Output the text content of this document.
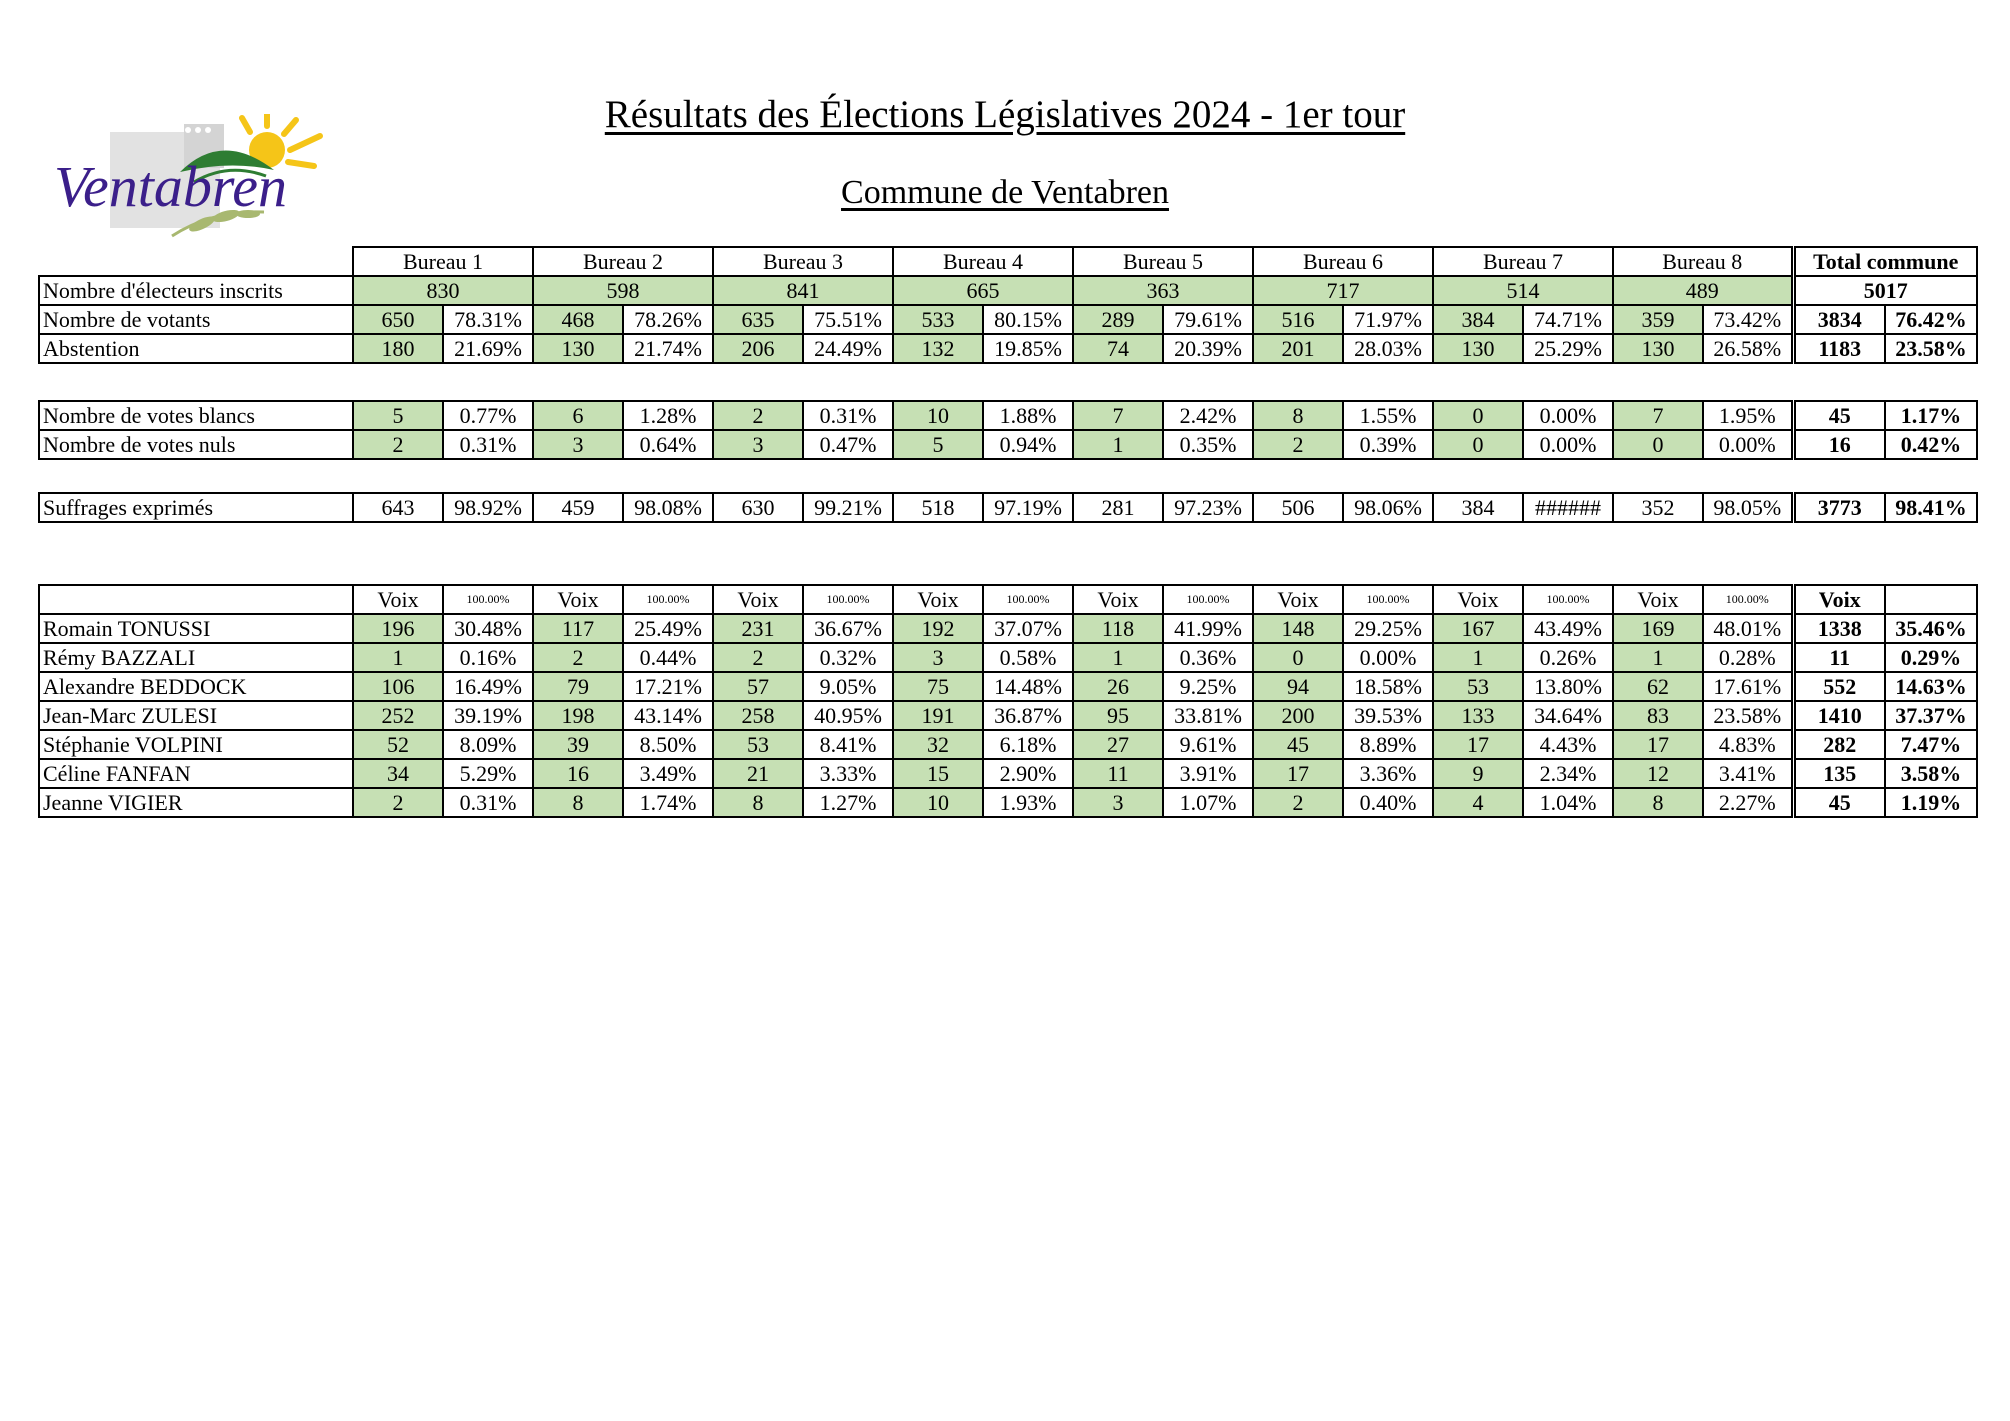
Résultats des Élections Législatives 2024 - 1er tour
Commune de Ventabren
Ventabren
	Bureau 1		Bureau 2		Bureau 3		Bureau 4		Bureau 5		Bureau 6		Bureau 7		Bureau 8		Total commune	
Nombre d'électeurs inscrits	830		598		841		665		363		717		514		489		5017	
Nombre de votants	650	78.31%	468	78.26%	635	75.51%	533	80.15%	289	79.61%	516	71.97%	384	74.71%	359	73.42%	3834	76.42%
Abstention	180	21.69%	130	21.74%	206	24.49%	132	19.85%	74	20.39%	201	28.03%	130	25.29%	130	26.58%	1183	23.58%
Nombre de votes blancs	5	0.77%	6	1.28%	2	0.31%	10	1.88%	7	2.42%	8	1.55%	0	0.00%	7	1.95%	45	1.17%
Nombre de votes nuls	2	0.31%	3	0.64%	3	0.47%	5	0.94%	1	0.35%	2	0.39%	0	0.00%	0	0.00%	16	0.42%
Suffrages exprimés	643	98.92%	459	98.08%	630	99.21%	518	97.19%	281	97.23%	506	98.06%	384	######	352	98.05%	3773	98.41%
	Voix	100.00%	Voix	100.00%	Voix	100.00%	Voix	100.00%	Voix	100.00%	Voix	100.00%	Voix	100.00%	Voix	100.00%	Voix	
Romain TONUSSI	196	30.48%	117	25.49%	231	36.67%	192	37.07%	118	41.99%	148	29.25%	167	43.49%	169	48.01%	1338	35.46%
Rémy BAZZALI	1	0.16%	2	0.44%	2	0.32%	3	0.58%	1	0.36%	0	0.00%	1	0.26%	1	0.28%	11	0.29%
Alexandre BEDDOCK	106	16.49%	79	17.21%	57	9.05%	75	14.48%	26	9.25%	94	18.58%	53	13.80%	62	17.61%	552	14.63%
Jean-Marc ZULESI	252	39.19%	198	43.14%	258	40.95%	191	36.87%	95	33.81%	200	39.53%	133	34.64%	83	23.58%	1410	37.37%
Stéphanie VOLPINI	52	8.09%	39	8.50%	53	8.41%	32	6.18%	27	9.61%	45	8.89%	17	4.43%	17	4.83%	282	7.47%
Céline FANFAN	34	5.29%	16	3.49%	21	3.33%	15	2.90%	11	3.91%	17	3.36%	9	2.34%	12	3.41%	135	3.58%
Jeanne VIGIER	2	0.31%	8	1.74%	8	1.27%	10	1.93%	3	1.07%	2	0.40%	4	1.04%	8	2.27%	45	1.19%
